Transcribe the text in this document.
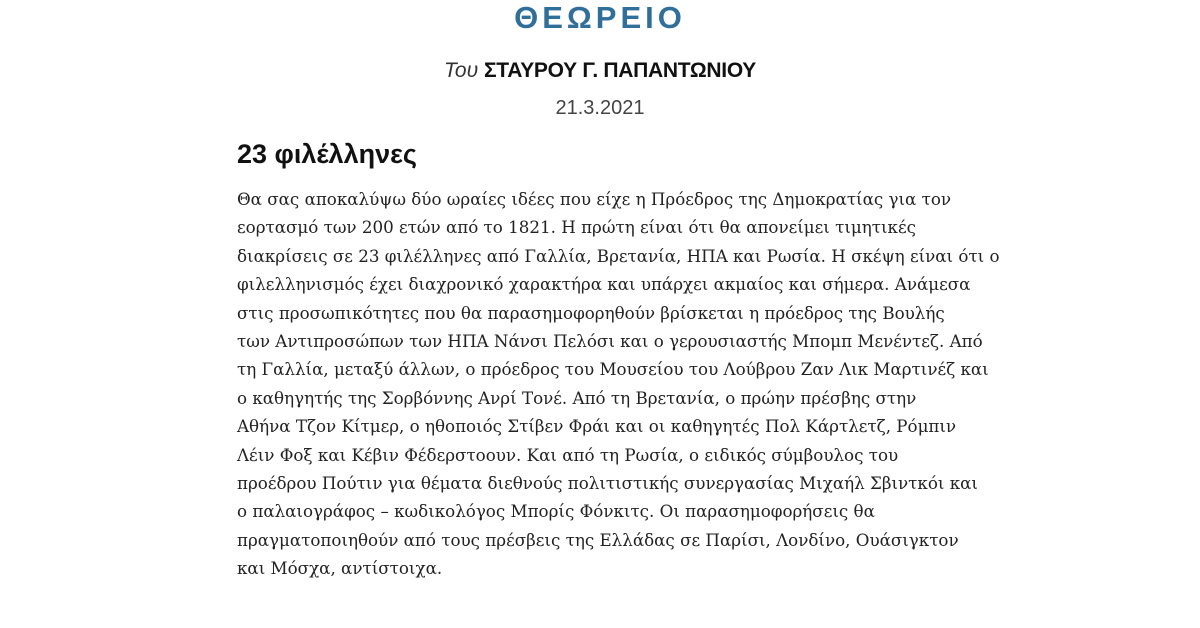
ΘΕΩΡΕΙΟ
Του ΣΤΑΥΡΟΥ Γ. ΠΑΠΑΝΤΩΝΙΟΥ
21.3.2021
23 φιλέλληνες

Θα σας αποκαλύψω δύο ωραίες ιδέες που είχε η Πρόεδρος της Δημοκρατίας για τον
εορτασμό των 200 ετών από το 1821. Η πρώτη είναι ότι θα απονείμει τιμητικές
διακρίσεις σε 23 φιλέλληνες από Γαλλία, Βρετανία, ΗΠΑ και Ρωσία. Η σκέψη είναι ότι ο
φιλελληνισμός έχει διαχρονικό χαρακτήρα και υπάρχει ακμαίος και σήμερα. Ανάμεσα
στις προσωπικότητες που θα παρασημοφορηθούν βρίσκεται η πρόεδρος της Βουλής
των Αντιπροσώπων των ΗΠΑ Νάνσι Πελόσι και ο γερουσιαστής Μπομπ Μενέντεζ. Από
τη Γαλλία, μεταξύ άλλων, ο πρόεδρος του Μουσείου του Λούβρου Ζαν Λικ Μαρτινέζ και
ο καθηγητής της Σορβόννης Ανρί Τονέ. Από τη Βρετανία, ο πρώην πρέσβης στην
Αθήνα Τζον Κίτμερ, ο ηθοποιός Στίβεν Φράι και οι καθηγητές Πολ Κάρτλετζ, Ρόμπιν
Λέιν Φοξ και Κέβιν Φέδερστοουν. Και από τη Ρωσία, ο ειδικός σύμβουλος του
προέδρου Πούτιν για θέματα διεθνούς πολιτιστικής συνεργασίας Μιχαήλ Σβιντκόι και
ο παλαιογράφος – κωδικολόγος Μπορίς Φόνκιτς. Οι παρασημοφορήσεις θα
πραγματοποιηθούν από τους πρέσβεις της Ελλάδας σε Παρίσι, Λονδίνο, Ουάσιγκτον
και Μόσχα, αντίστοιχα.
